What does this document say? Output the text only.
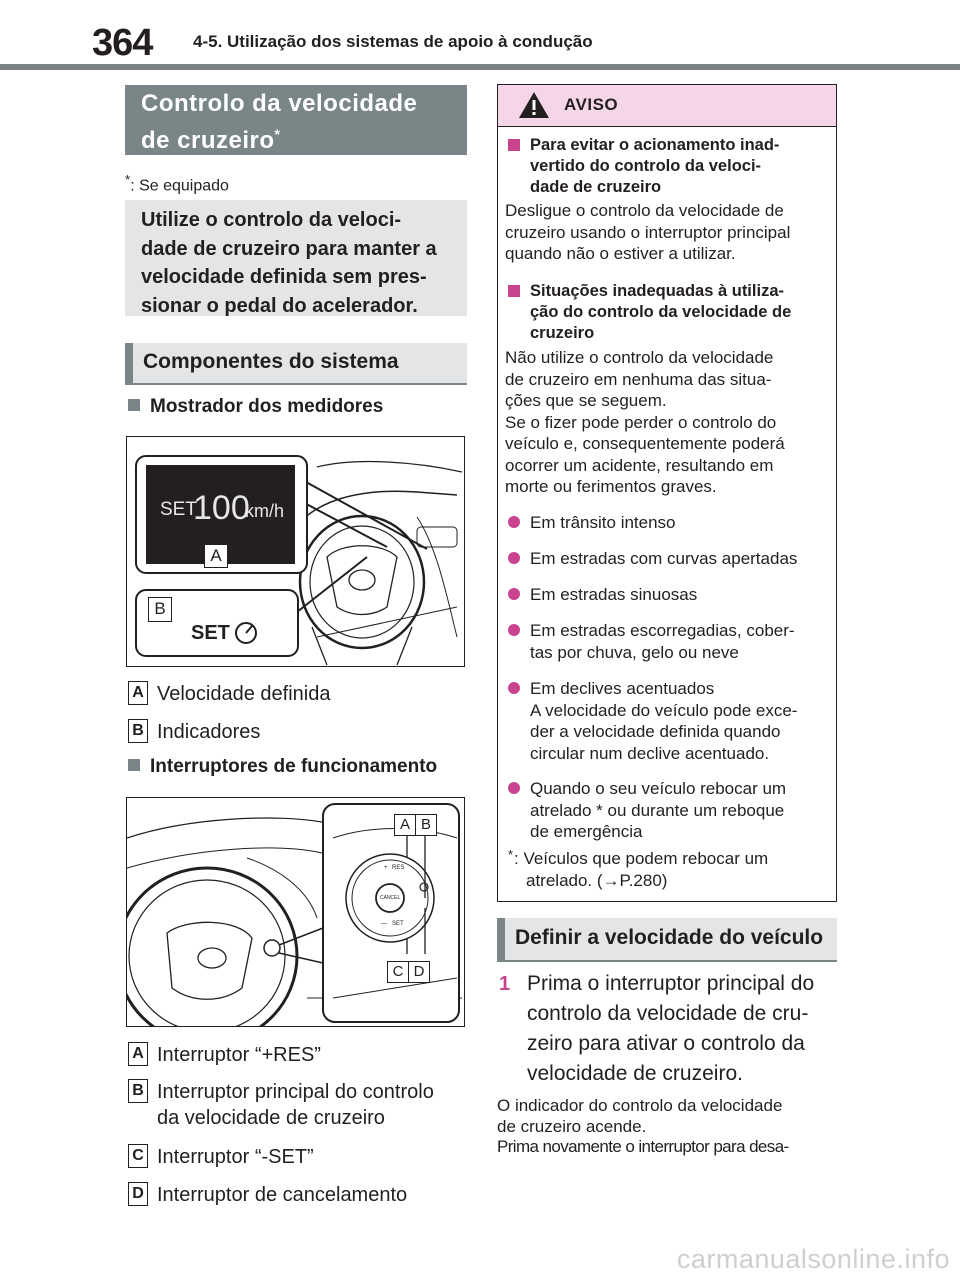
364 4-5. Utilização dos sistemas de apoio à condução
Controlo da velocidade
de cruzeiro*
*: Se equipado
Utilize o controlo da veloci-
dade de cruzeiro para manter a
velocidade definida sem pres-
sionar o pedal do acelerador.
Componentes do sistema
Mostrador dos medidores
SET
100
km/h
A
B
SET
A Velocidade definida
B Indicadores
Interruptores de funcionamento
A B
C D
+ RES
CANCEL
— SET
A Interruptor “+RES”
B Interruptor principal do controlo
da velocidade de cruzeiro
C Interruptor “-SET”
D Interruptor de cancelamento
AVISO
Para evitar o acionamento inad-
vertido do controlo da veloci-
dade de cruzeiro
Desligue o controlo da velocidade de
cruzeiro usando o interruptor principal
quando não o estiver a utilizar.
Situações inadequadas à utiliza-
ção do controlo da velocidade de
cruzeiro
Não utilize o controlo da velocidade
de cruzeiro em nenhuma das situa-
ções que se seguem.
Se o fizer pode perder o controlo do
veículo e, consequentemente poderá
ocorrer um acidente, resultando em
morte ou ferimentos graves.
Em trânsito intenso
Em estradas com curvas apertadas
Em estradas sinuosas
Em estradas escorregadias, cober-
tas por chuva, gelo ou neve
Em declives acentuados
A velocidade do veículo pode exce-
der a velocidade definida quando
circular num declive acentuado.
Quando o seu veículo rebocar um
atrelado * ou durante um reboque
de emergência
* : Veículos que podem rebocar um
atrelado. (→P.280)
Definir a velocidade do veículo
1 Prima o interruptor principal do
controlo da velocidade de cru-
zeiro para ativar o controlo da
velocidade de cruzeiro.
O indicador do controlo da velocidade
de cruzeiro acende.
Prima novamente o interruptor para desa-
carmanualsonline.info
